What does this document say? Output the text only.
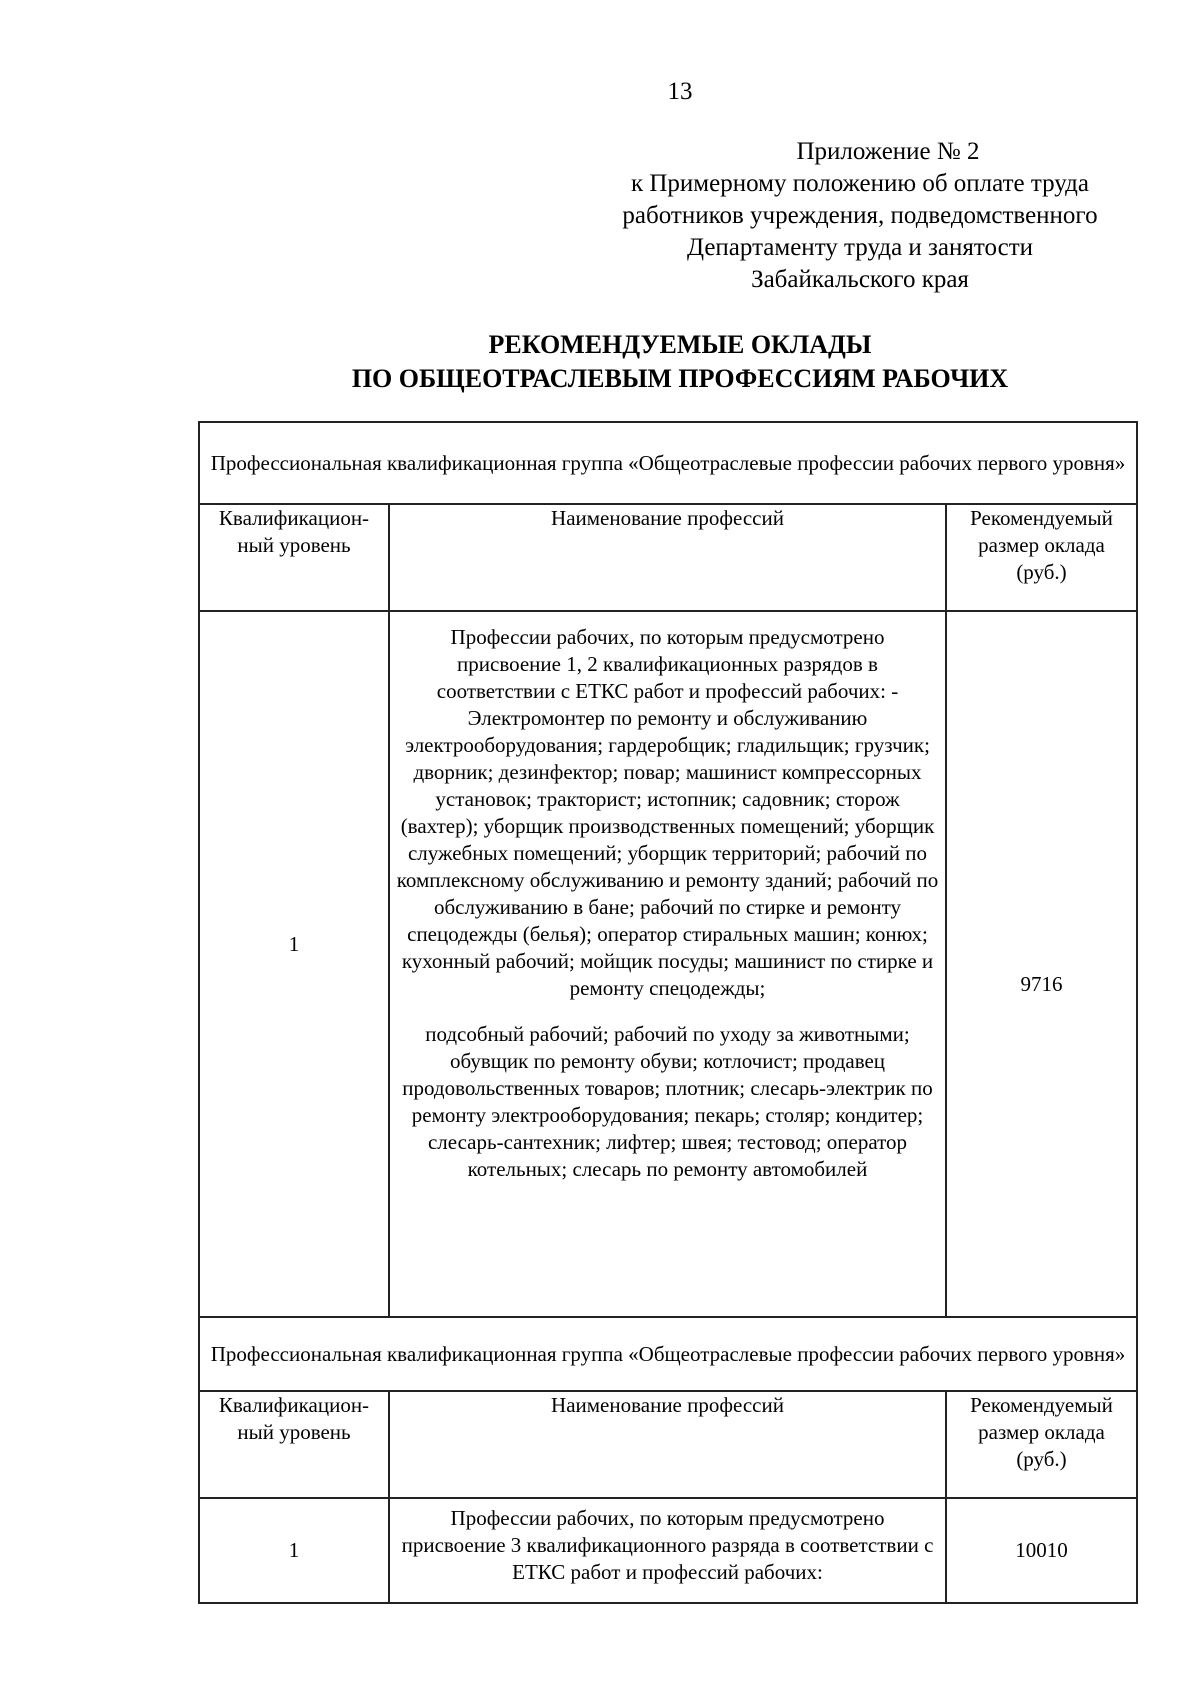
13
Приложение № 2
к Примерному положению об оплате труда
работников учреждения, подведомственного
Департаменту труда и занятости
Забайкальского края
РЕКОМЕНДУЕМЫЕ ОКЛАДЫ
ПО ОБЩЕОТРАСЛЕВЫМ ПРОФЕССИЯМ РАБОЧИХ
Профессиональная квалификационная группа «Общеотраслевые профессии рабочих первого уровня»		
Квалификацион-ный уровень	Наименование профессий	Рекомендуемый размер оклада (руб.)
1	Профессии рабочих, по которым предусмотрено присвоение 1, 2 квалификационных разрядов в соответствии с ЕТКС работ и профессий рабочих: - Электромонтер по ремонту и обслуживанию электрооборудования; гардеробщик; гладильщик; грузчик; дворник; дезинфектор; повар; машинист компрессорных установок; тракторист; истопник; садовник; сторож (вахтер); уборщик производственных помещений; уборщик служебных помещений; уборщик территорий; рабочий по комплексному обслуживанию и ремонту зданий; рабочий по обслуживанию в бане; рабочий по стирке и ремонту спецодежды (белья); оператор стиральных машин; конюх; кухонный рабочий; мойщик посуды; машинист по стирке и ремонту спецодежды;

подсобный рабочий; рабочий по уходу за животными; обувщик по ремонту обуви; котлочист; продавец продовольственных товаров; плотник; слесарь-электрик по ремонту электрооборудования; пекарь; столяр; кондитер; слесарь-сантехник; лифтер; швея; тестовод; оператор котельных; слесарь по ремонту автомобилей	9716
Профессиональная квалификационная группа «Общеотраслевые профессии рабочих первого уровня»		
Квалификацион-ный уровень	Наименование профессий	Рекомендуемый размер оклада (руб.)
1	Профессии рабочих, по которым предусмотрено присвоение 3 квалификационного разряда в соответствии с ЕТКС работ и профессий рабочих:	10010
